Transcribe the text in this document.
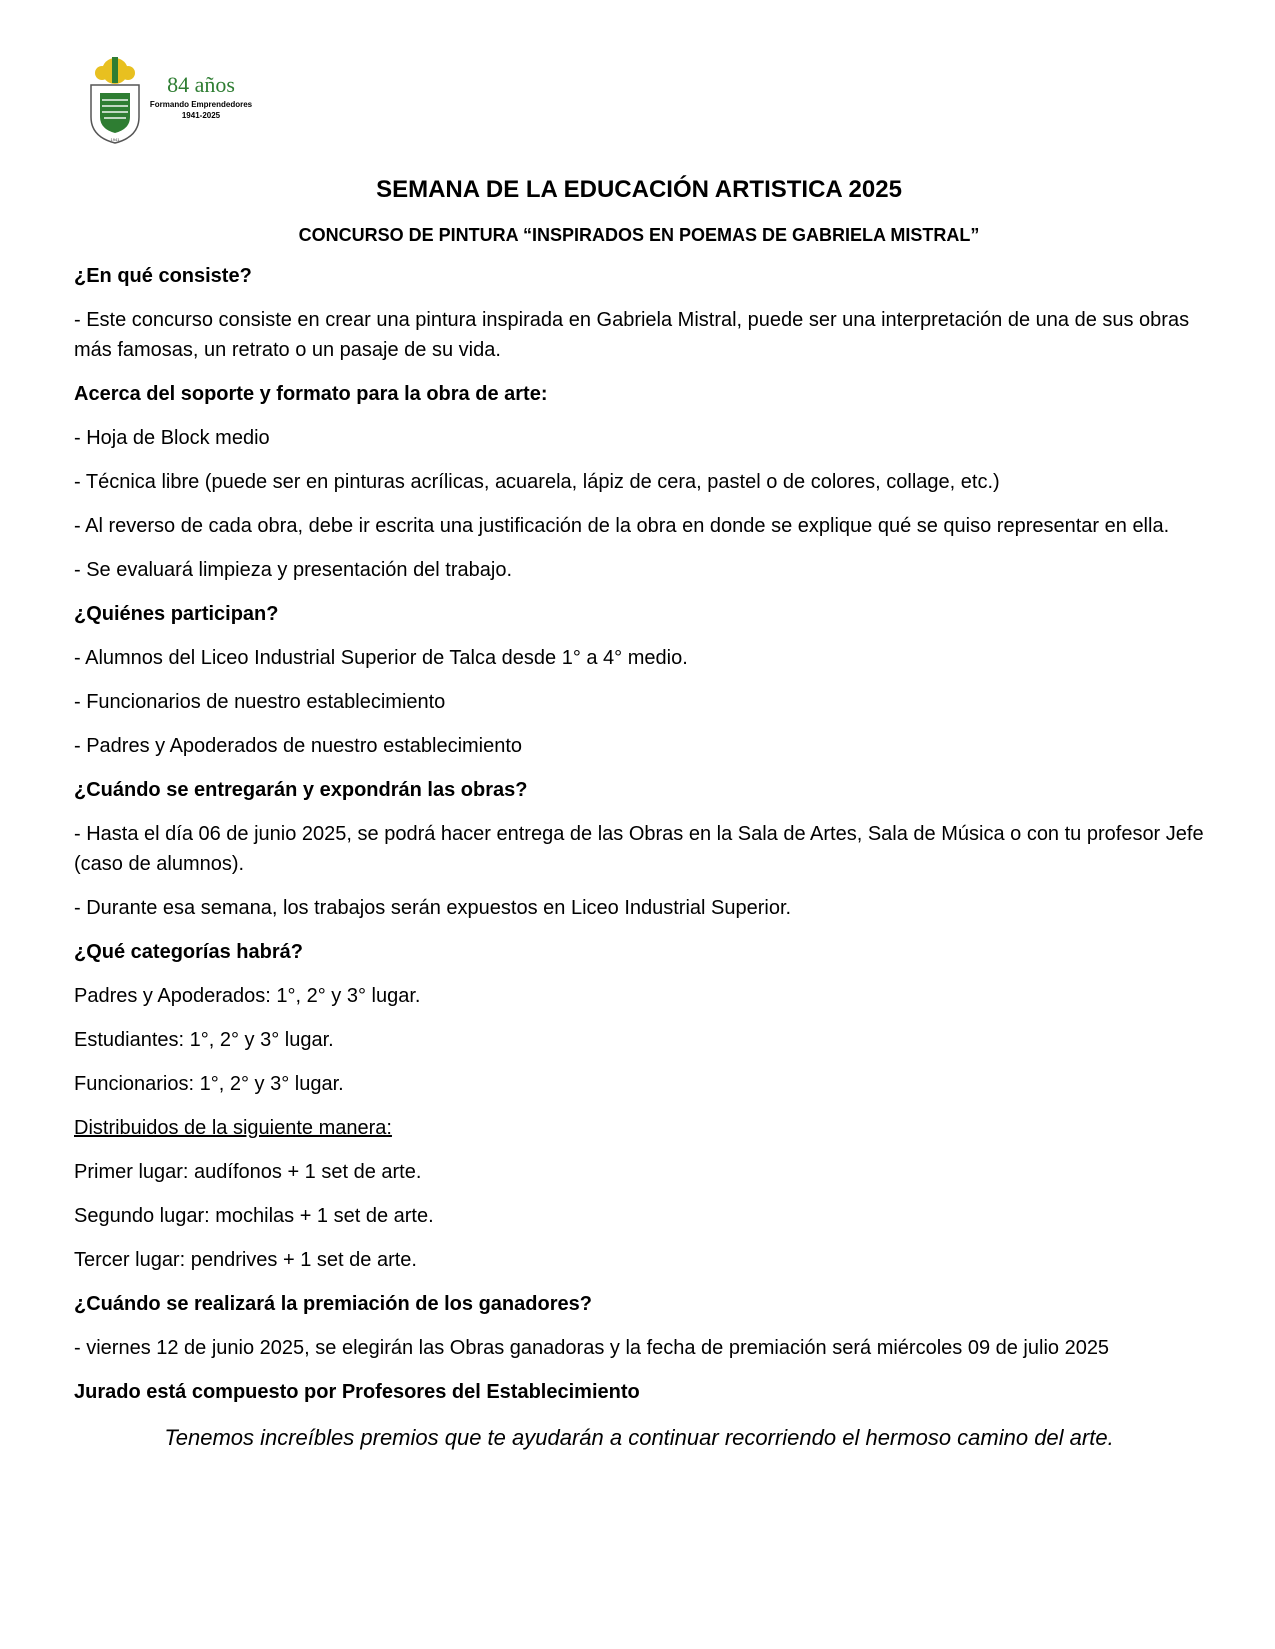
1941
84 años
Formando Emprendedores
1941-2025
SEMANA DE LA EDUCACIÓN ARTISTICA 2025
CONCURSO DE PINTURA “INSPIRADOS EN POEMAS DE GABRIELA MISTRAL”

¿En qué consiste?

- Este concurso consiste en crear una pintura inspirada en Gabriela Mistral, puede ser una interpretación de una de sus obras más famosas, un retrato o un pasaje de su vida.

Acerca del soporte y formato para la obra de arte:

- Hoja de Block medio

- Técnica libre (puede ser en pinturas acrílicas, acuarela, lápiz de cera, pastel o de colores, collage, etc.)

- Al reverso de cada obra, debe ir escrita una justificación de la obra en donde se explique qué se quiso representar en ella.

- Se evaluará limpieza y presentación del trabajo.

¿Quiénes participan?

- Alumnos del Liceo Industrial Superior de Talca desde 1° a 4° medio.

- Funcionarios de nuestro establecimiento

- Padres y Apoderados de nuestro establecimiento

¿Cuándo se entregarán y expondrán las obras?

- Hasta el día 06 de junio 2025, se podrá hacer entrega de las Obras en la Sala de Artes, Sala de Música o con tu profesor Jefe (caso de alumnos).

- Durante esa semana, los trabajos serán expuestos en Liceo Industrial Superior.

¿Qué categorías habrá?

Padres y Apoderados: 1°, 2° y 3° lugar.

Estudiantes: 1°, 2° y 3° lugar.

Funcionarios: 1°, 2° y 3° lugar.

Distribuidos de la siguiente manera:

Primer lugar: audífonos + 1 set de arte.

Segundo lugar: mochilas + 1 set de arte.

Tercer lugar: pendrives + 1 set de arte.

¿Cuándo se realizará la premiación de los ganadores?

- viernes 12 de junio 2025, se elegirán las Obras ganadoras y la fecha de premiación será miércoles 09 de julio 2025

Jurado está compuesto por Profesores del Establecimiento

Tenemos increíbles premios que te ayudarán a continuar recorriendo el hermoso camino del arte.
